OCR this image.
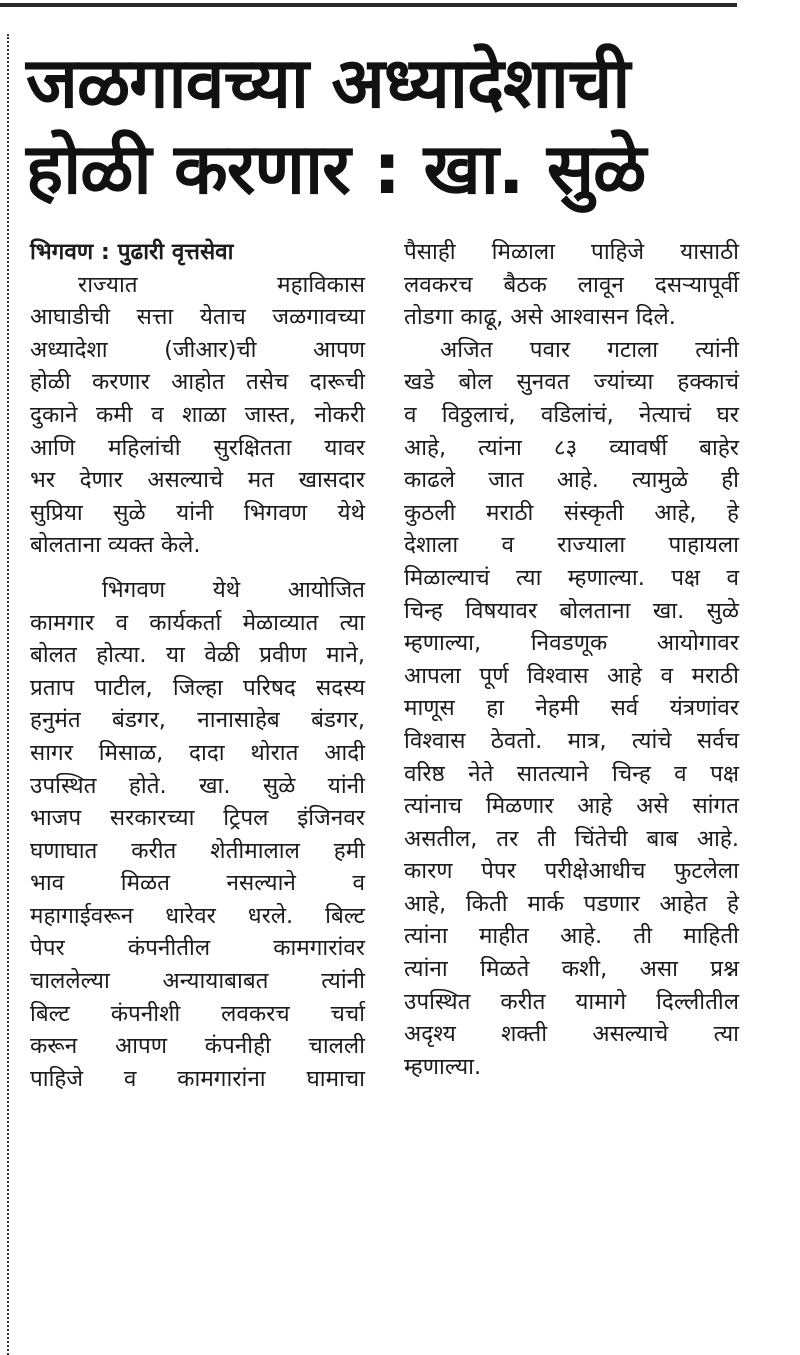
जळगावच्या अध्यादेशाची
होळी करणार : खा. सुळे
भिगवण : पुढारी वृत्तसेवा
राज्यात महाविकास
आघाडीची सत्ता येताच जळगावच्या
अध्यादेशा (जीआर)ची आपण
होळी करणार आहोत तसेच दारूची
दुकाने कमी व शाळा जास्त, नोकरी
आणि महिलांची सुरक्षितता यावर
भर देणार असल्याचे मत खासदार
सुप्रिया सुळे यांनी भिगवण येथे
बोलताना व्यक्त केले.
भिगवण येथे आयोजित
कामगार व कार्यकर्ता मेळाव्यात त्या
बोलत होत्या. या वेळी प्रवीण माने,
प्रताप पाटील, जिल्हा परिषद सदस्य
हनुमंत बंडगर, नानासाहेब बंडगर,
सागर मिसाळ, दादा थोरात आदी
उपस्थित होते. खा. सुळे यांनी
भाजप सरकारच्या ट्रिपल इंजिनवर
घणाघात करीत शेतीमालाल हमी
भाव मिळत नसल्याने व
महागाईवरून धारेवर धरले. बिल्ट
पेपर कंपनीतील कामगारांवर
चाललेल्या अन्यायाबाबत त्यांनी
बिल्ट कंपनीशी लवकरच चर्चा
करून आपण कंपनीही चालली
पाहिजे व कामगारांना घामाचा
पैसाही मिळाला पाहिजे यासाठी
लवकरच बैठक लावून दसऱ्यापूर्वी
तोडगा काढू, असे आश्वासन दिले.
अजित पवार गटाला त्यांनी
खडे बोल सुनवत ज्यांच्या हक्काचं
व विठ्ठलाचं, वडिलांचं, नेत्याचं घर
आहे, त्यांना ८३ व्यावर्षी बाहेर
काढले जात आहे. त्यामुळे ही
कुठली मराठी संस्कृती आहे, हे
देशाला व राज्याला पाहायला
मिळाल्याचं त्या म्हणाल्या. पक्ष व
चिन्ह विषयावर बोलताना खा. सुळे
म्हणाल्या, निवडणूक आयोगावर
आपला पूर्ण विश्वास आहे व मराठी
माणूस हा नेहमी सर्व यंत्रणांवर
विश्वास ठेवतो. मात्र, त्यांचे सर्वच
वरिष्ठ नेते सातत्याने चिन्ह व पक्ष
त्यांनाच मिळणार आहे असे सांगत
असतील, तर ती चिंतेची बाब आहे.
कारण पेपर परीक्षेआधीच फुटलेला
आहे, किती मार्क पडणार आहेत हे
त्यांना माहीत आहे. ती माहिती
त्यांना मिळते कशी, असा प्रश्न
उपस्थित करीत यामागे दिल्लीतील
अदृश्य शक्ती असल्याचे त्या
म्हणाल्या.
